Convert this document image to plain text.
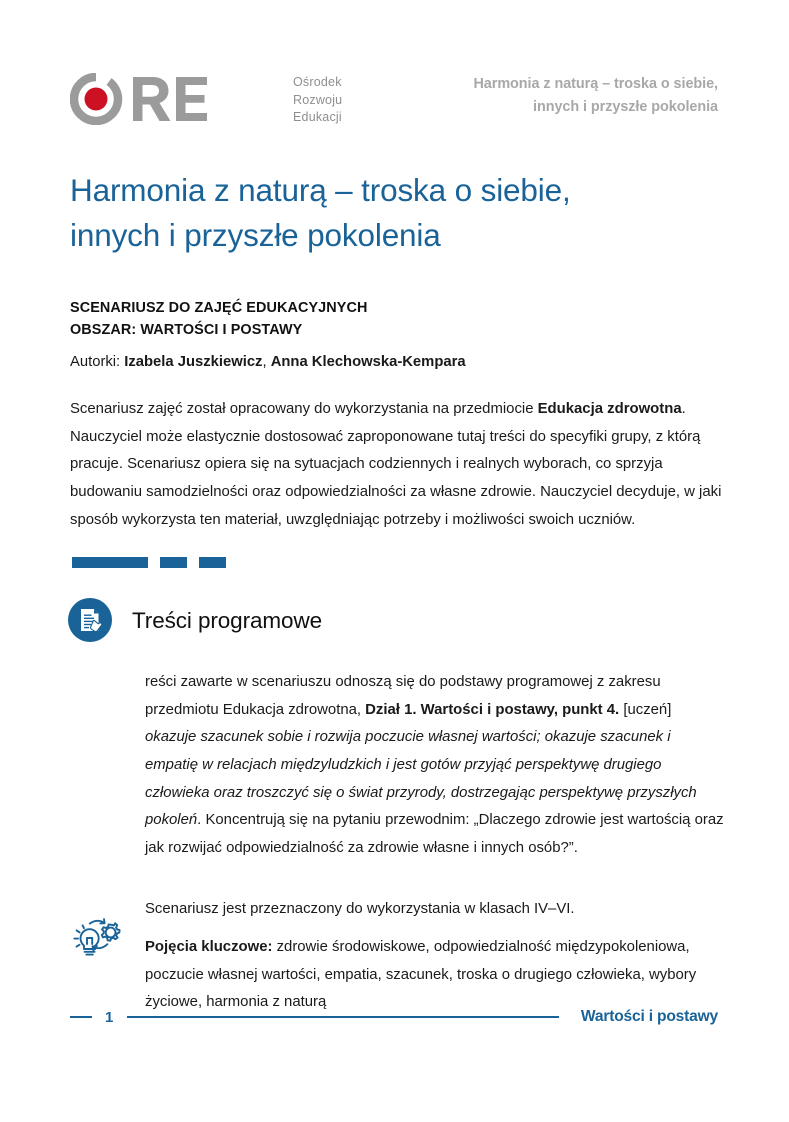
Ośrodek
Rozwoju
Edukacji
Harmonia z naturą – troska o siebie,
innych i przyszłe pokolenia
Harmonia z naturą – troska o siebie,
innych i przyszłe pokolenia
SCENARIUSZ DO ZAJĘĆ EDUKACYJNYCH
OBSZAR: WARTOŚCI I POSTAWY
Autorki: Izabela Juszkiewicz, Anna Klechowska-Kempara

Scenariusz zajęć został opracowany do wykorzystania na przedmiocie Edukacja zdrowotna. Nauczyciel może elastycznie dostosować zaproponowane tutaj treści do specyfiki grupy, z którą pracuje. Scenariusz opiera się na sytuacjach codziennych i realnych wyborach, co sprzyja budowaniu samodzielności oraz odpowiedzialności za własne zdrowie. Nauczyciel decyduje, w jaki sposób wykorzysta ten materiał, uwzględniając potrzeby i możliwości swoich uczniów.

Treści programowe

reści zawarte w scenariuszu odnoszą się do podstawy programowej z zakresu przedmiotu Edukacja zdrowotna, Dział 1. Wartości i postawy, punkt 4. [uczeń] okazuje szacunek sobie i rozwija poczucie własnej wartości; okazuje szacunek i empatię w relacjach międzyludzkich i jest gotów przyjąć perspektywę drugiego człowieka oraz troszczyć się o świat przyrody, dostrzegając perspektywę przyszłych pokoleń. Koncentrują się na pytaniu przewodnim: „Dlaczego zdrowie jest wartością oraz jak rozwijać odpowiedzialność za zdrowie własne i innych osób?”.

Scenariusz jest przeznaczony do wykorzystania w klasach IV–VI.

Pojęcia kluczowe: zdrowie środowiskowe, odpowiedzialność międzypokoleniowa, poczucie własnej wartości, empatia, szacunek, troska o drugiego człowieka, wybory życiowe, harmonia z naturą

1	Wartości i postawy
